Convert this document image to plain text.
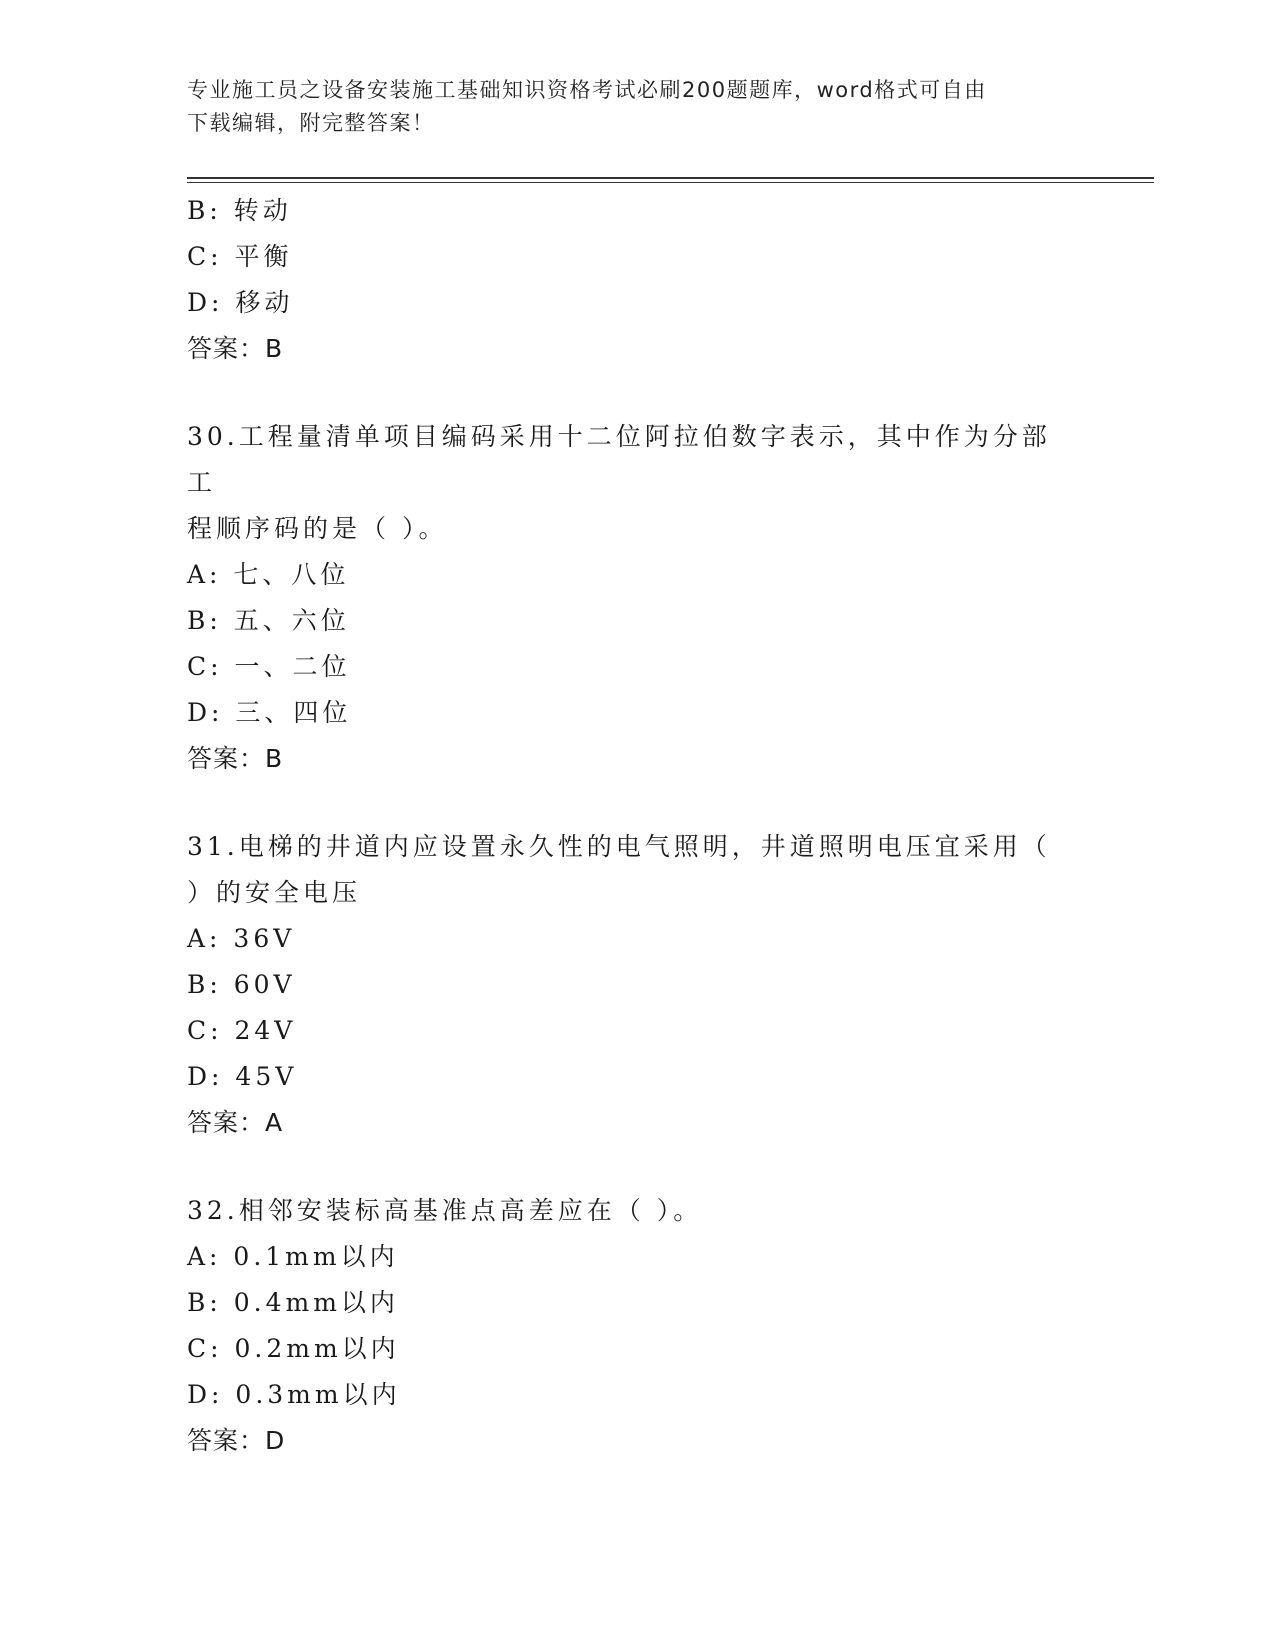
专业施工员之设备安装施工基础知识资格考试必刷200题题库，word格式可自由
下载编辑，附完整答案！
B: 转动
C: 平衡
D: 移动
答案：B
30.工程量清单项目编码采用十二位阿拉伯数字表示，其中作为分部工
程顺序码的是（ ）。
A: 七、八位
B: 五、六位
C: 一、二位
D: 三、四位
答案：B
31.电梯的井道内应设置永久性的电气照明，井道照明电压宜采用（
）的安全电压
A: 36V
B: 60V
C: 24V
D: 45V
答案：A
32.相邻安装标高基准点高差应在（ ）。
A: 0.1mm以内
B: 0.4mm以内
C: 0.2mm以内
D: 0.3mm以内
答案：D
